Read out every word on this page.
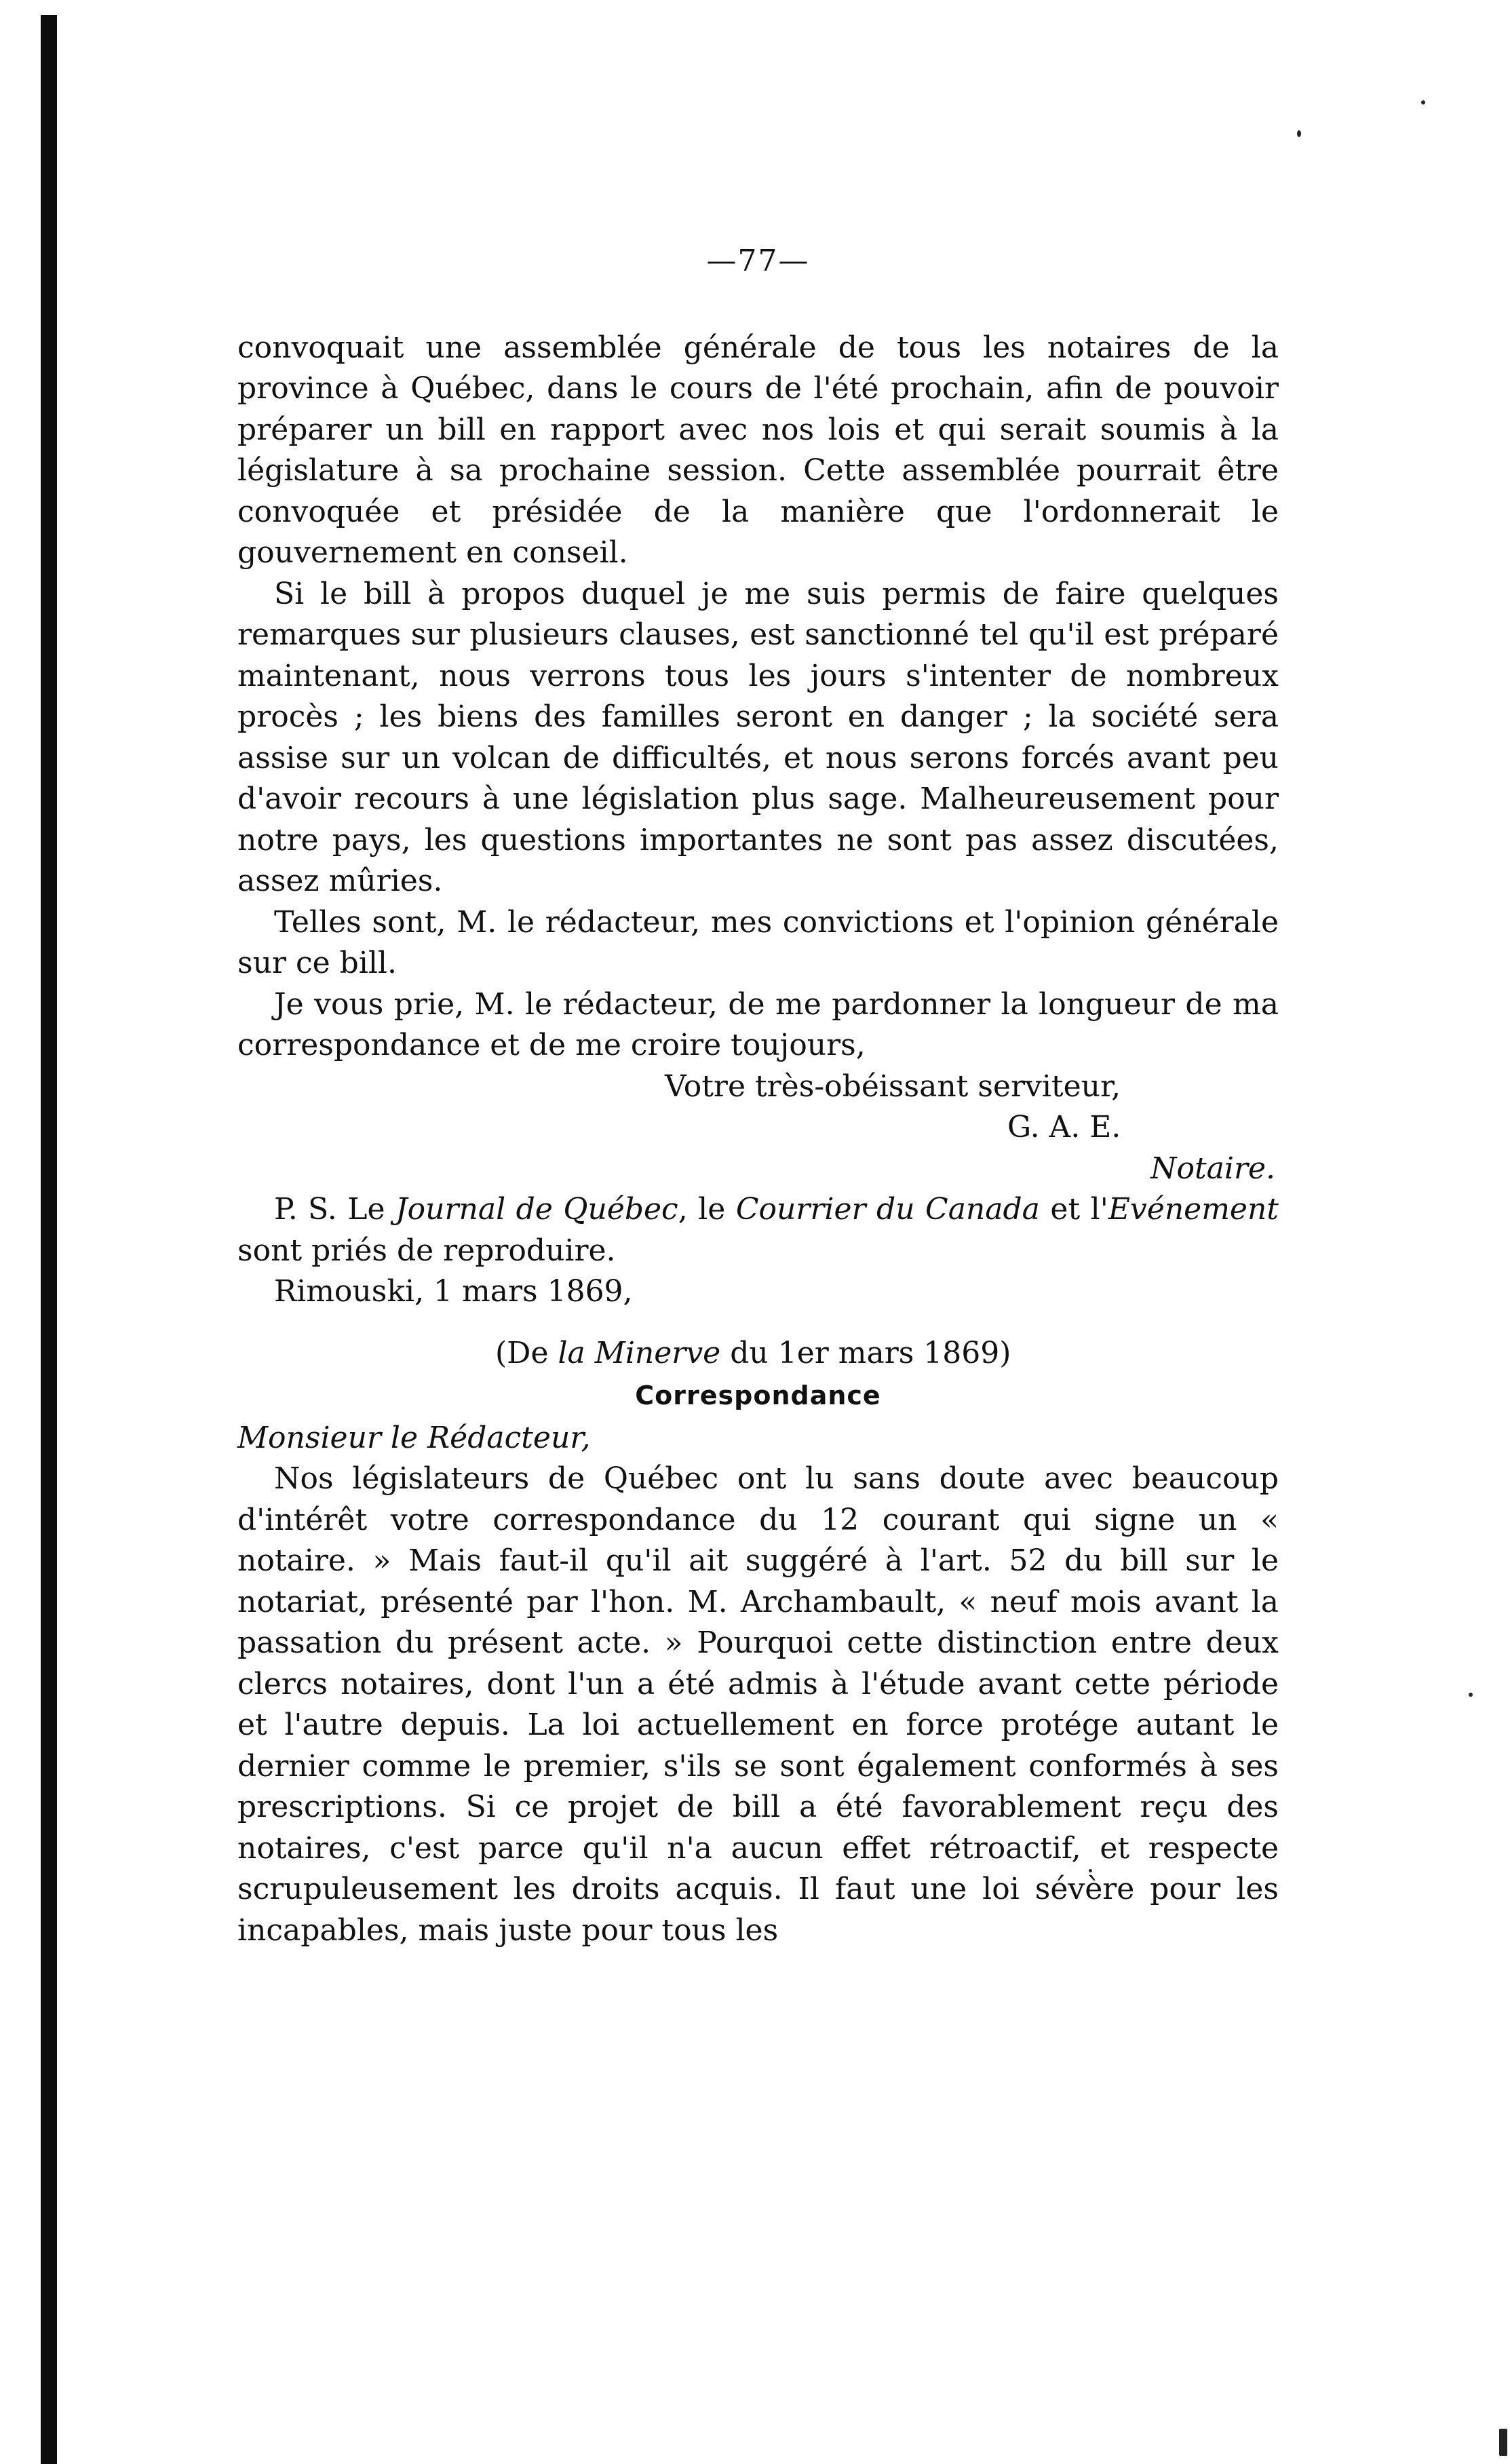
—77—

convoquait une assemblée générale de tous les notaires de la province à Québec, dans le cours de l'été prochain, afin de pouvoir préparer un bill en rapport avec nos lois et qui serait soumis à la législature à sa prochaine session. Cette assemblée pourrait être convoquée et présidée de la manière que l'ordonnerait le gouvernement en conseil.

Si le bill à propos duquel je me suis permis de faire quelques remarques sur plusieurs clauses, est sanctionné tel qu'il est préparé maintenant, nous verrons tous les jours s'intenter de nombreux procès ; les biens des familles seront en danger ; la société sera assise sur un volcan de difficultés, et nous serons forcés avant peu d'avoir recours à une législation plus sage. Malheureusement pour notre pays, les questions importantes ne sont pas assez discutées, assez mûries.

Telles sont, M. le rédacteur, mes convictions et l'opinion générale sur ce bill.

Je vous prie, M. le rédacteur, de me pardonner la longueur de ma correspondance et de me croire toujours,

Votre très-obéissant serviteur,

G. A. E.

Notaire.

P. S. Le Journal de Québec, le Courrier du Canada et l'Evénement sont priés de reproduire.

Rimouski, 1 mars 1869,

(De la Minerve du 1er mars 1869)

Correspondance

Monsieur le Rédacteur,

Nos législateurs de Québec ont lu sans doute avec beaucoup d'intérêt votre correspondance du 12 courant qui signe un « notaire. » Mais faut-il qu'il ait suggéré à l'art. 52 du bill sur le notariat, présenté par l'hon. M. Archambault, « neuf mois avant la passation du présent acte. » Pourquoi cette distinction entre deux clercs notaires, dont l'un a été admis à l'étude avant cette période et l'autre depuis. La loi actuellement en force protége autant le dernier comme le premier, s'ils se sont également conformés à ses prescriptions. Si ce projet de bill a été favorablement reçu des notaires, c'est parce qu'il n'a aucun effet rétroactif, et respecte scrupuleusement les droits acquis. Il faut une loi sévère pour les incapables, mais juste pour tous les
